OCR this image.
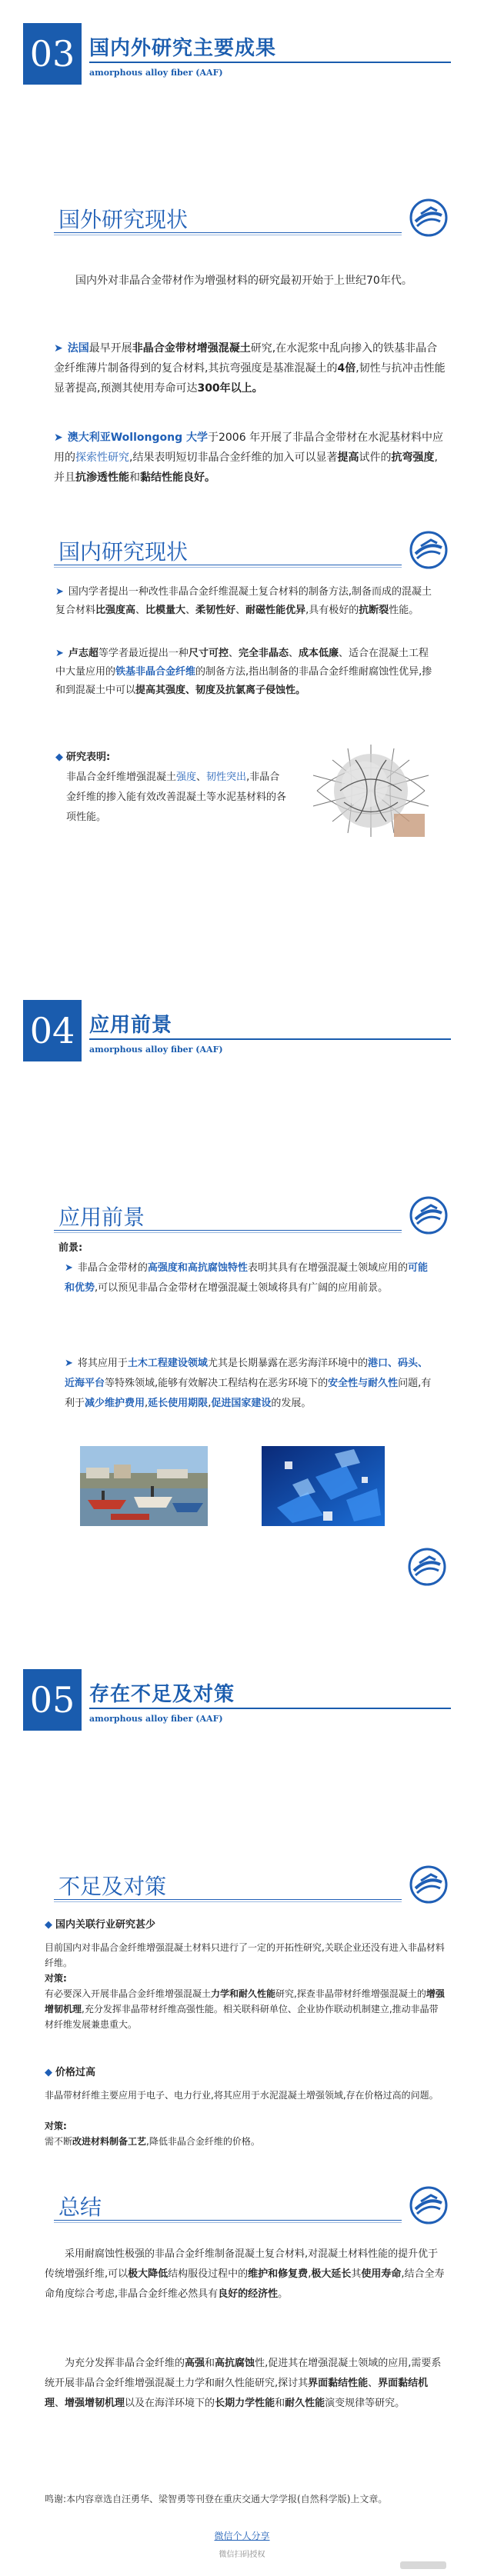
03 国内外研究主要成果
amorphous alloy fiber (AAF)
国外研究现状
国内外对非晶合金带材作为增强材料的研究最初开始于上世纪70年代。
➤ 法国最早开展非晶合金带材增强混凝土研究,在水泥浆中乱向掺入的铁基非晶合金纤维薄片制备得到的复合材料,其抗弯强度是基准混凝土的4倍,韧性与抗冲击性能显著提高,预测其使用寿命可达300年以上。
➤ 澳大利亚Wollongong 大学于2006 年开展了非晶合金带材在水泥基材料中应用的探索性研究,结果表明短切非晶合金纤维的加入可以显著提高试件的抗弯强度,并且抗渗透性能和黏结性能良好。
国内研究现状
➤ 国内学者提出一种改性非晶合金纤维混凝土复合材料的制备方法,制备而成的混凝土复合材料比强度高、比模量大、柔韧性好、耐磁性能优异,具有极好的抗断裂性能。
➤ 卢志超等学者最近提出一种尺寸可控、完全非晶态、成本低廉、适合在混凝土工程中大量应用的铁基非晶合金纤维的制备方法,指出制备的非晶合金纤维耐腐蚀性优异,掺和到混凝土中可以提高其强度、韧度及抗氯离子侵蚀性。
◆ 研究表明:
非晶合金纤维增强混凝土强度、韧性突出,非晶合金纤维的掺入能有效改善混凝土等水泥基材料的各项性能。
04 应用前景
amorphous alloy fiber (AAF)
应用前景
前景:
➤ 非晶合金带材的高强度和高抗腐蚀特性表明其具有在增强混凝土领域应用的可能和优势,可以预见非晶合金带材在增强混凝土领域将具有广阔的应用前景。
➤ 将其应用于土木工程建设领域尤其是长期暴露在恶劣海洋环境中的港口、码头、近海平台等特殊领域,能够有效解决工程结构在恶劣环境下的安全性与耐久性问题,有利于减少维护费用,延长使用期限,促进国家建设的发展。
05 存在不足及对策
amorphous alloy fiber (AAF)
不足及对策
◆ 国内关联行业研究甚少
目前国内对非晶合金纤维增强混凝土材料只进行了一定的开拓性研究,关联企业还没有进入非晶材料纤维。
对策:
有必要深入开展非晶合金纤维增强混凝土力学和耐久性能研究,探查非晶带材纤维增强混凝土的增强增韧机理,充分发挥非晶带材纤维高强性能。相关联科研单位、企业协作联动机制建立,推动非晶带材纤维发展兼患重大。
◆ 价格过高
非晶带材纤维主要应用于电子、电力行业,将其应用于水泥混凝土增强领域,存在价格过高的问题。
对策:
需不断改进材料制备工艺,降低非晶合金纤维的价格。
总结
采用耐腐蚀性极强的非晶合金纤维制备混凝土复合材料,对混凝土材料性能的提升优于传统增强纤维,可以极大降低结构服役过程中的维护和修复费,极大延长其使用寿命,结合全寿命角度综合考虑,非晶合金纤维必然具有良好的经济性。
为充分发挥非晶合金纤维的高强和高抗腐蚀性,促进其在增强混凝土领域的应用,需要系统开展非晶合金纤维增强混凝土力学和耐久性能研究,探讨其界面黏结性能、界面黏结机理、增强增韧机理以及在海洋环境下的长期力学性能和耐久性能演变规律等研究。
鸣谢:本内容章选自汪勇华、梁智勇等刊登在重庆交通大学学报(自然科学版)上文章。
微信个人分享
微信扫码授权
